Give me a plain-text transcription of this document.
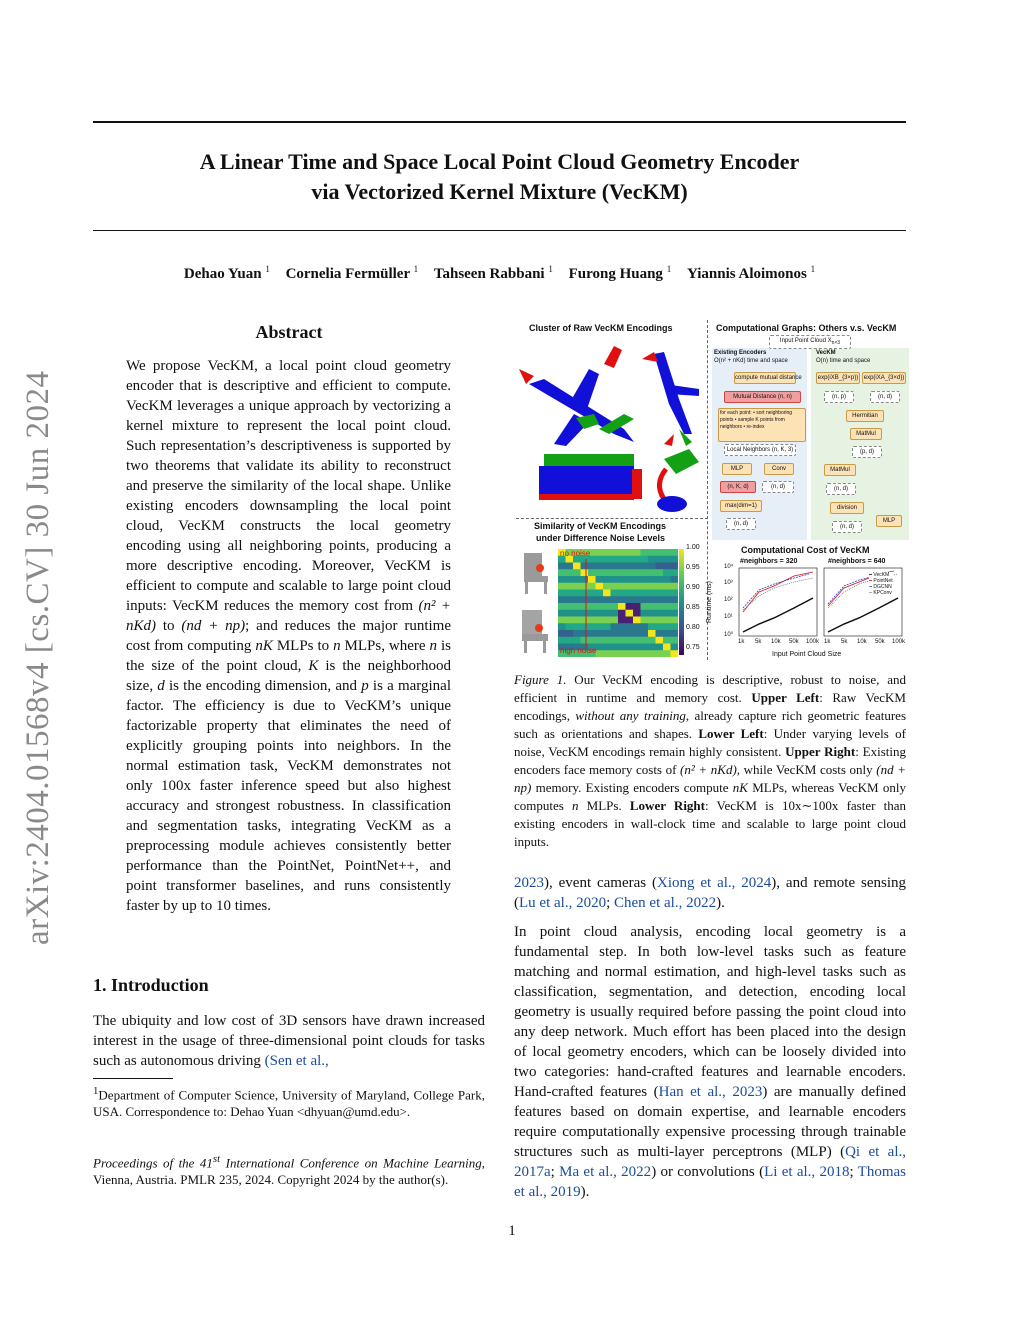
A Linear Time and Space Local Point Cloud Geometry Encoder
via Vectorized Kernel Mixture (VecKM)
Dehao Yuan $^1$ Cornelia Fermüller $^1$ Tahseen Rabbani $^1$ Furong Huang $^1$ Yiannis Aloimonos $^1$
arXiv:2404.01568v4 [cs.CV] 30 Jun 2024
Abstract
We propose VecKM, a local point cloud geometry encoder that is descriptive and efficient to compute. VecKM leverages a unique approach by vectorizing a kernel mixture to represent the local point cloud. Such representation’s descriptiveness is supported by two theorems that validate its ability to reconstruct and preserve the similarity of the local shape. Unlike existing encoders downsampling the local point cloud, VecKM constructs the local geometry encoding using all neighboring points, producing a more descriptive encoding. Moreover, VecKM is efficient to compute and scalable to large point cloud inputs: VecKM reduces the memory cost from (n² + nKd) to (nd + np); and reduces the major runtime cost from computing nK MLPs to n MLPs, where n is the size of the point cloud, K is the neighborhood size, d is the encoding dimension, and p is a marginal factor. The efficiency is due to VecKM’s unique factorizable property that eliminates the need of explicitly grouping points into neighbors. In the normal estimation task, VecKM demonstrates not only 100x faster inference speed but also highest accuracy and strongest robustness. In classification and segmentation tasks, integrating VecKM as a preprocessing module achieves consistently better performance than the PointNet, PointNet++, and point transformer baselines, and runs consistently faster by up to 10 times.
1. Introduction
The ubiquity and low cost of 3D sensors have drawn increased interest in the usage of three-dimensional point clouds for tasks such as autonomous driving (Sen et al.,
$^1$Department of Computer Science, University of Maryland, College Park, USA. Correspondence to: Dehao Yuan <dhyuan@umd.edu>.
Proceedings of the 41st International Conference on Machine Learning, Vienna, Austria. PMLR 235, 2024. Copyright 2024 by the author(s).
Cluster of Raw VecKM Encodings
Similarity of VecKM Encodings
under Difference Noise Levels
no noise
high noise
1.00
0.95
0.90
0.85
0.80
0.75
Computational Graphs: Others v.s. VecKM
Input Point Cloud $X_{n\times 3}$
Existing Encoders
O(n² + nKd) time and space
VecKM
O(n) time and space
compute mutual distance
Mutual Distance (n, n)
for each point: • sort neighboring points • sample K points from neighbors • re-index
Local Neighbors (n, K, 3)
MLP	Conv
(n, K, d)	(n, d)
max(dim=1)
(n, d)
exp(iXB_{3×p}) exp(iXA_{3×d})
(n, p)	(n, d)
Hermitian
MatMul
(p, d)
MatMul
(n, d)
division
(n, d)
MLP
Computational Cost of VecKM
#neighbors = 320	#neighbors = 640
Runtime (ms)
Input Point Cloud Size
10⁴
10³
10²
10¹
10⁰
1k 5k 10k 50k 100k 1k 5k 10k 50k 100k
━ VecKM
━ PointNet
╍ DGCNN
┅ KPConv
Figure 1. Our VecKM encoding is descriptive, robust to noise, and efficient in runtime and memory cost. Upper Left: Raw VecKM encodings, without any training, already capture rich geometric features such as orientations and shapes. Lower Left: Under varying levels of noise, VecKM encodings remain highly consistent. Upper Right: Existing encoders face memory costs of (n² + nKd), while VecKM costs only (nd + np) memory. Existing encoders compute nK MLPs, whereas VecKM only computes n MLPs. Lower Right: VecKM is 10x∼100x faster than existing encoders in wall-clock time and scalable to large point cloud inputs.
2023), event cameras (Xiong et al., 2024), and remote sensing (Lu et al., 2020; Chen et al., 2022).
In point cloud analysis, encoding local geometry is a fundamental step. In both low-level tasks such as feature matching and normal estimation, and high-level tasks such as classification, segmentation, and detection, encoding local geometry is usually required before passing the point cloud into any deep network. Much effort has been placed into the design of local geometry encoders, which can be loosely divided into two categories: hand-crafted features and learnable encoders. Hand-crafted features (Han et al., 2023) are manually defined features based on domain expertise, and learnable encoders require computationally expensive processing through trainable structures such as multi-layer perceptrons (MLP) (Qi et al., 2017a; Ma et al., 2022) or convolutions (Li et al., 2018; Thomas et al., 2019).
1
